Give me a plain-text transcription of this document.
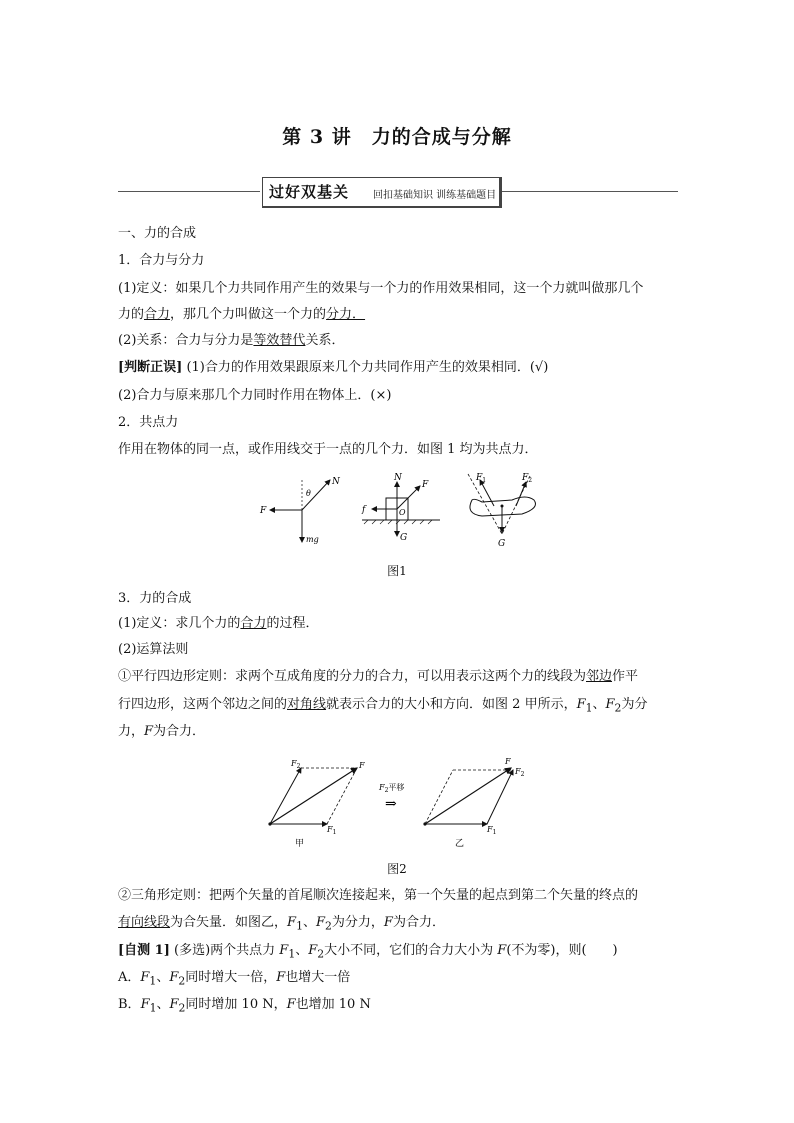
第 3 讲　力的合成与分解
过好双基关 回扣基础知识 训练基础题目
一、力的合成
1．合力与分力
(1)定义：如果几个力共同作用产生的效果与一个力的作用效果相同，这一个力就叫做那几个
力的合力，那几个力叫做这一个力的分力．
(2)关系：合力与分力是等效替代关系．
[判断正误] (1)合力的作用效果跟原来几个力共同作用产生的效果相同．(√)
(2)合力与原来那几个力同时作用在物体上．(×)
2．共点力
作用在物体的同一点，或作用线交于一点的几个力．如图 1 均为共点力．
N
F
θ
mg
N
F
f	O
G
$F_1$	$F_2$
G
图1
3．力的合成
(1)定义：求几个力的合力的过程．
(2)运算法则
①平行四边形定则：求两个互成角度的分力的合力，可以用表示这两个力的线段为邻边作平
行四边形，这两个邻边之间的对角线就表示合力的大小和方向．如图 2 甲所示，$F_1$、$F_2$为分
力，F为合力．
$F_2$	F
$F_1$
甲
$F_2$平移
⇒
F
$F_2$
$F_1$
乙
图2
②三角形定则：把两个矢量的首尾顺次连接起来，第一个矢量的起点到第二个矢量的终点的
有向线段为合矢量．如图乙，$F_1$、$F_2$为分力，F为合力．
[自测 1] (多选)两个共点力 $F_1$、$F_2$大小不同，它们的合力大小为 F(不为零)，则(　　)
A．$F_1$、$F_2$同时增大一倍，F也增大一倍
B．$F_1$、$F_2$同时增加 10 N，F也增加 10 N
